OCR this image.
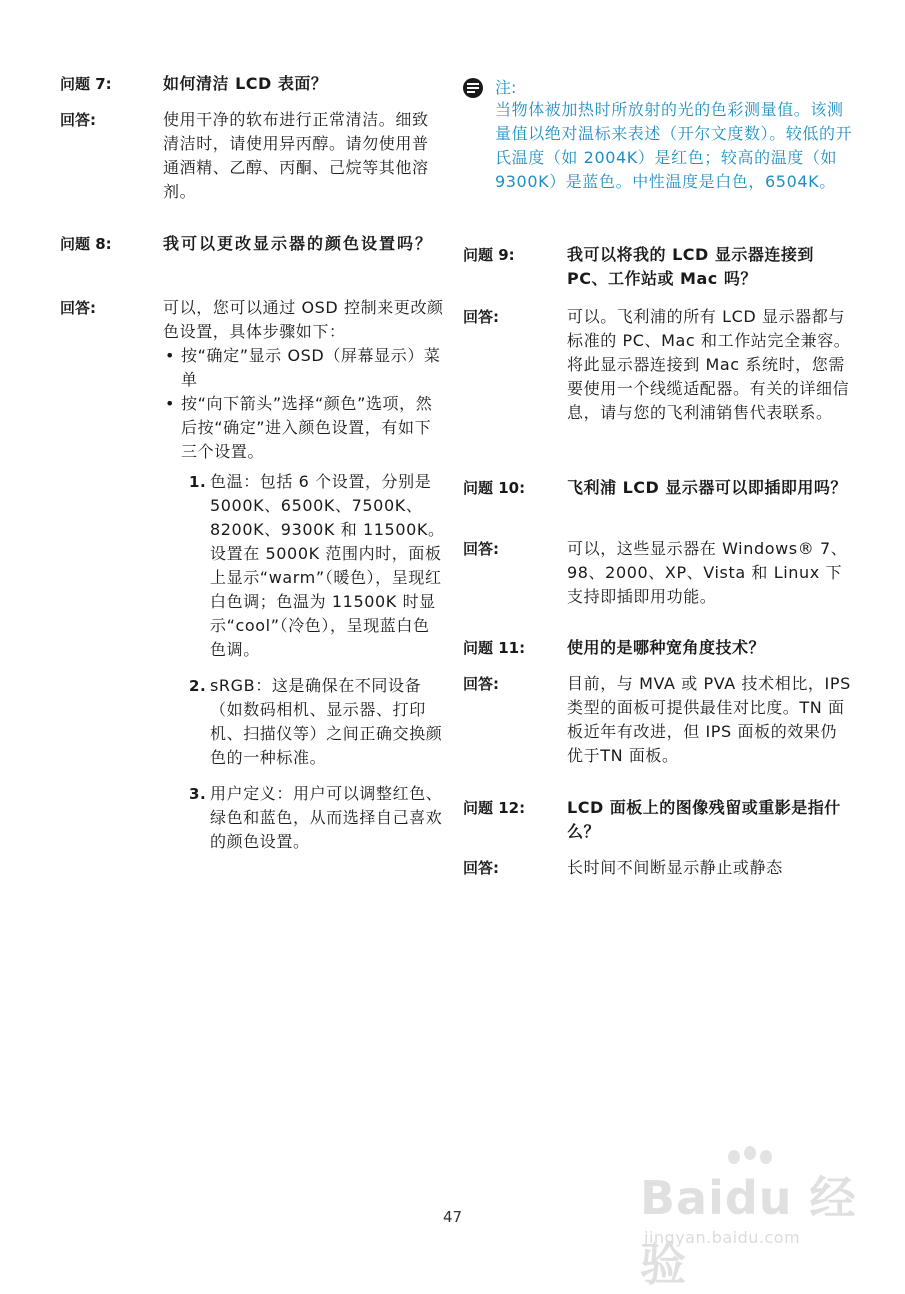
问题 7:	如何清洁 LCD 表面？
回答:	使用干净的软布进行正常清洁。细致清洁时，请使用异丙醇。请勿使用普通酒精、乙醇、丙酮、己烷等其他溶剂。
问题 8:	我可以更改显示器的颜色设置吗？
回答:	可以，您可以通过 OSD 控制来更改颜色设置，具体步骤如下：
• 按“确定”显示 OSD（屏幕显示）菜单
• 按“向下箭头”选择“颜色”选项，然后按“确定”进入颜色设置，有如下三个设置。
1. 色温：包括 6 个设置，分别是 5000K、6500K、7500K、8200K、9300K 和 11500K。设置在 5000K 范围内时，面板上显示“warm”（暖色），呈现红白色调；色温为 11500K 时显示“cool”（冷色），呈现蓝白色色调。
2. sRGB：这是确保在不同设备（如数码相机、显示器、打印机、扫描仪等）之间正确交换颜色的一种标准。
3. 用户定义：用户可以调整红色、绿色和蓝色，从而选择自己喜欢的颜色设置。
注:
当物体被加热时所放射的光的色彩测量值。该测量值以绝对温标来表述（开尔文度数）。较低的开氏温度（如 2004K）是红色；较高的温度（如 9300K）是蓝色。中性温度是白色，6504K。
问题 9:	我可以将我的 LCD 显示器连接到 PC、工作站或 Mac 吗？
回答:	可以。飞利浦的所有 LCD 显示器都与标准的 PC、Mac 和工作站完全兼容。将此显示器连接到 Mac 系统时，您需要使用一个线缆适配器。有关的详细信息，请与您的飞利浦销售代表联系。
问题 10:	飞利浦 LCD 显示器可以即插即用吗？
回答:	可以，这些显示器在 Windows® 7、98、2000、XP、Vista 和 Linux 下支持即插即用功能。
问题 11:	使用的是哪种宽角度技术？
回答:	目前，与 MVA 或 PVA 技术相比，IPS 类型的面板可提供最佳对比度。TN 面板近年有改进，但 IPS 面板的效果仍优于TN 面板。
问题 12:	LCD 面板上的图像残留或重影是指什么？
回答:	长时间不间断显示静止或静态
47	Baidu 经验
jingyan.baidu.com
